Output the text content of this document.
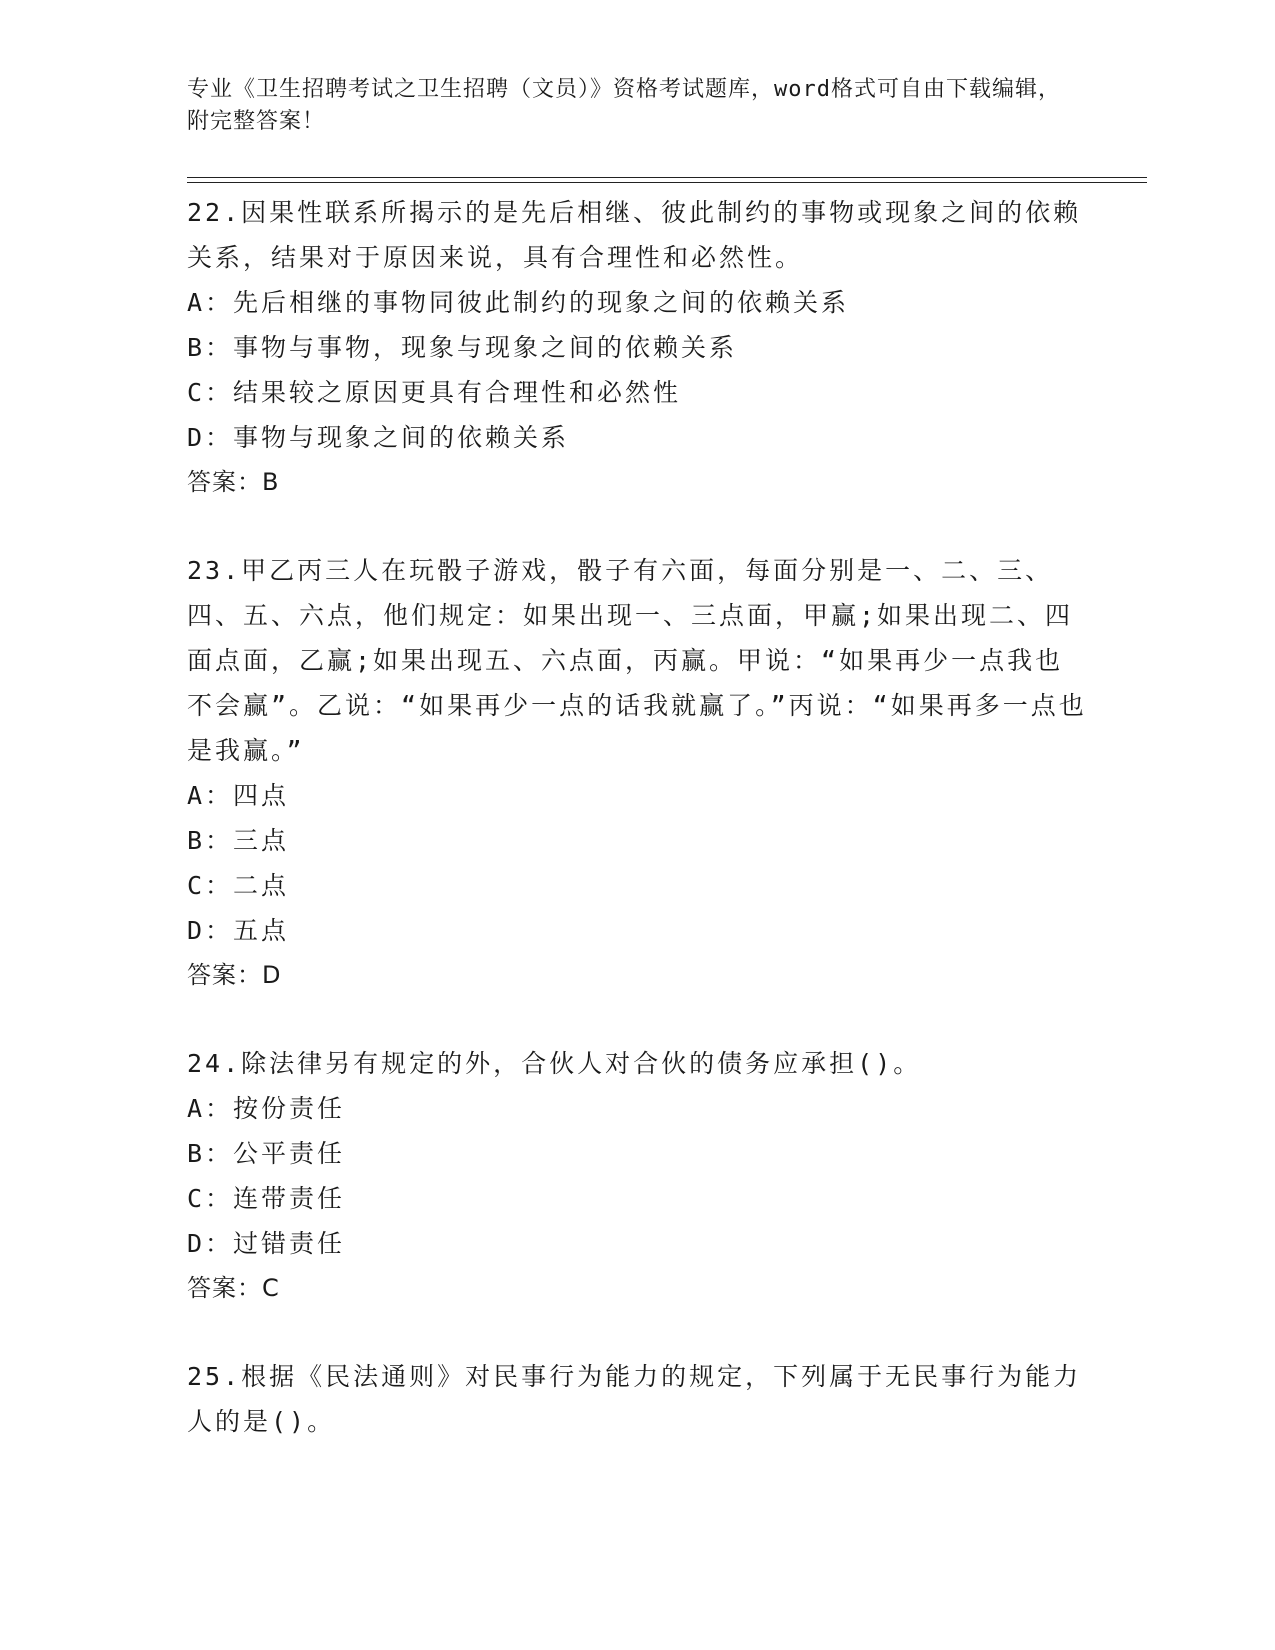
专业《卫生招聘考试之卫生招聘（文员）》资格考试题库，word格式可自由下载编辑，附完整答案！

22.因果性联系所揭示的是先后相继、彼此制约的事物或现象之间的依赖关系，结果对于原因来说，具有合理性和必然性。

A：先后相继的事物同彼此制约的现象之间的依赖关系

B：事物与事物，现象与现象之间的依赖关系

C：结果较之原因更具有合理性和必然性

D：事物与现象之间的依赖关系

答案：B

23.甲乙丙三人在玩骰子游戏，骰子有六面，每面分别是一、二、三、四、五、六点，他们规定：如果出现一、三点面，甲赢;如果出现二、四面点面，乙赢;如果出现五、六点面，丙赢。甲说：“如果再少一点我也不会赢”。乙说：“如果再少一点的话我就赢了。”丙说：“如果再多一点也是我赢。”

A：四点

B：三点

C：二点

D：五点

答案：D

24.除法律另有规定的外，合伙人对合伙的债务应承担()。

A：按份责任

B：公平责任

C：连带责任

D：过错责任

答案：C

25.根据《民法通则》对民事行为能力的规定，下列属于无民事行为能力人的是()。
